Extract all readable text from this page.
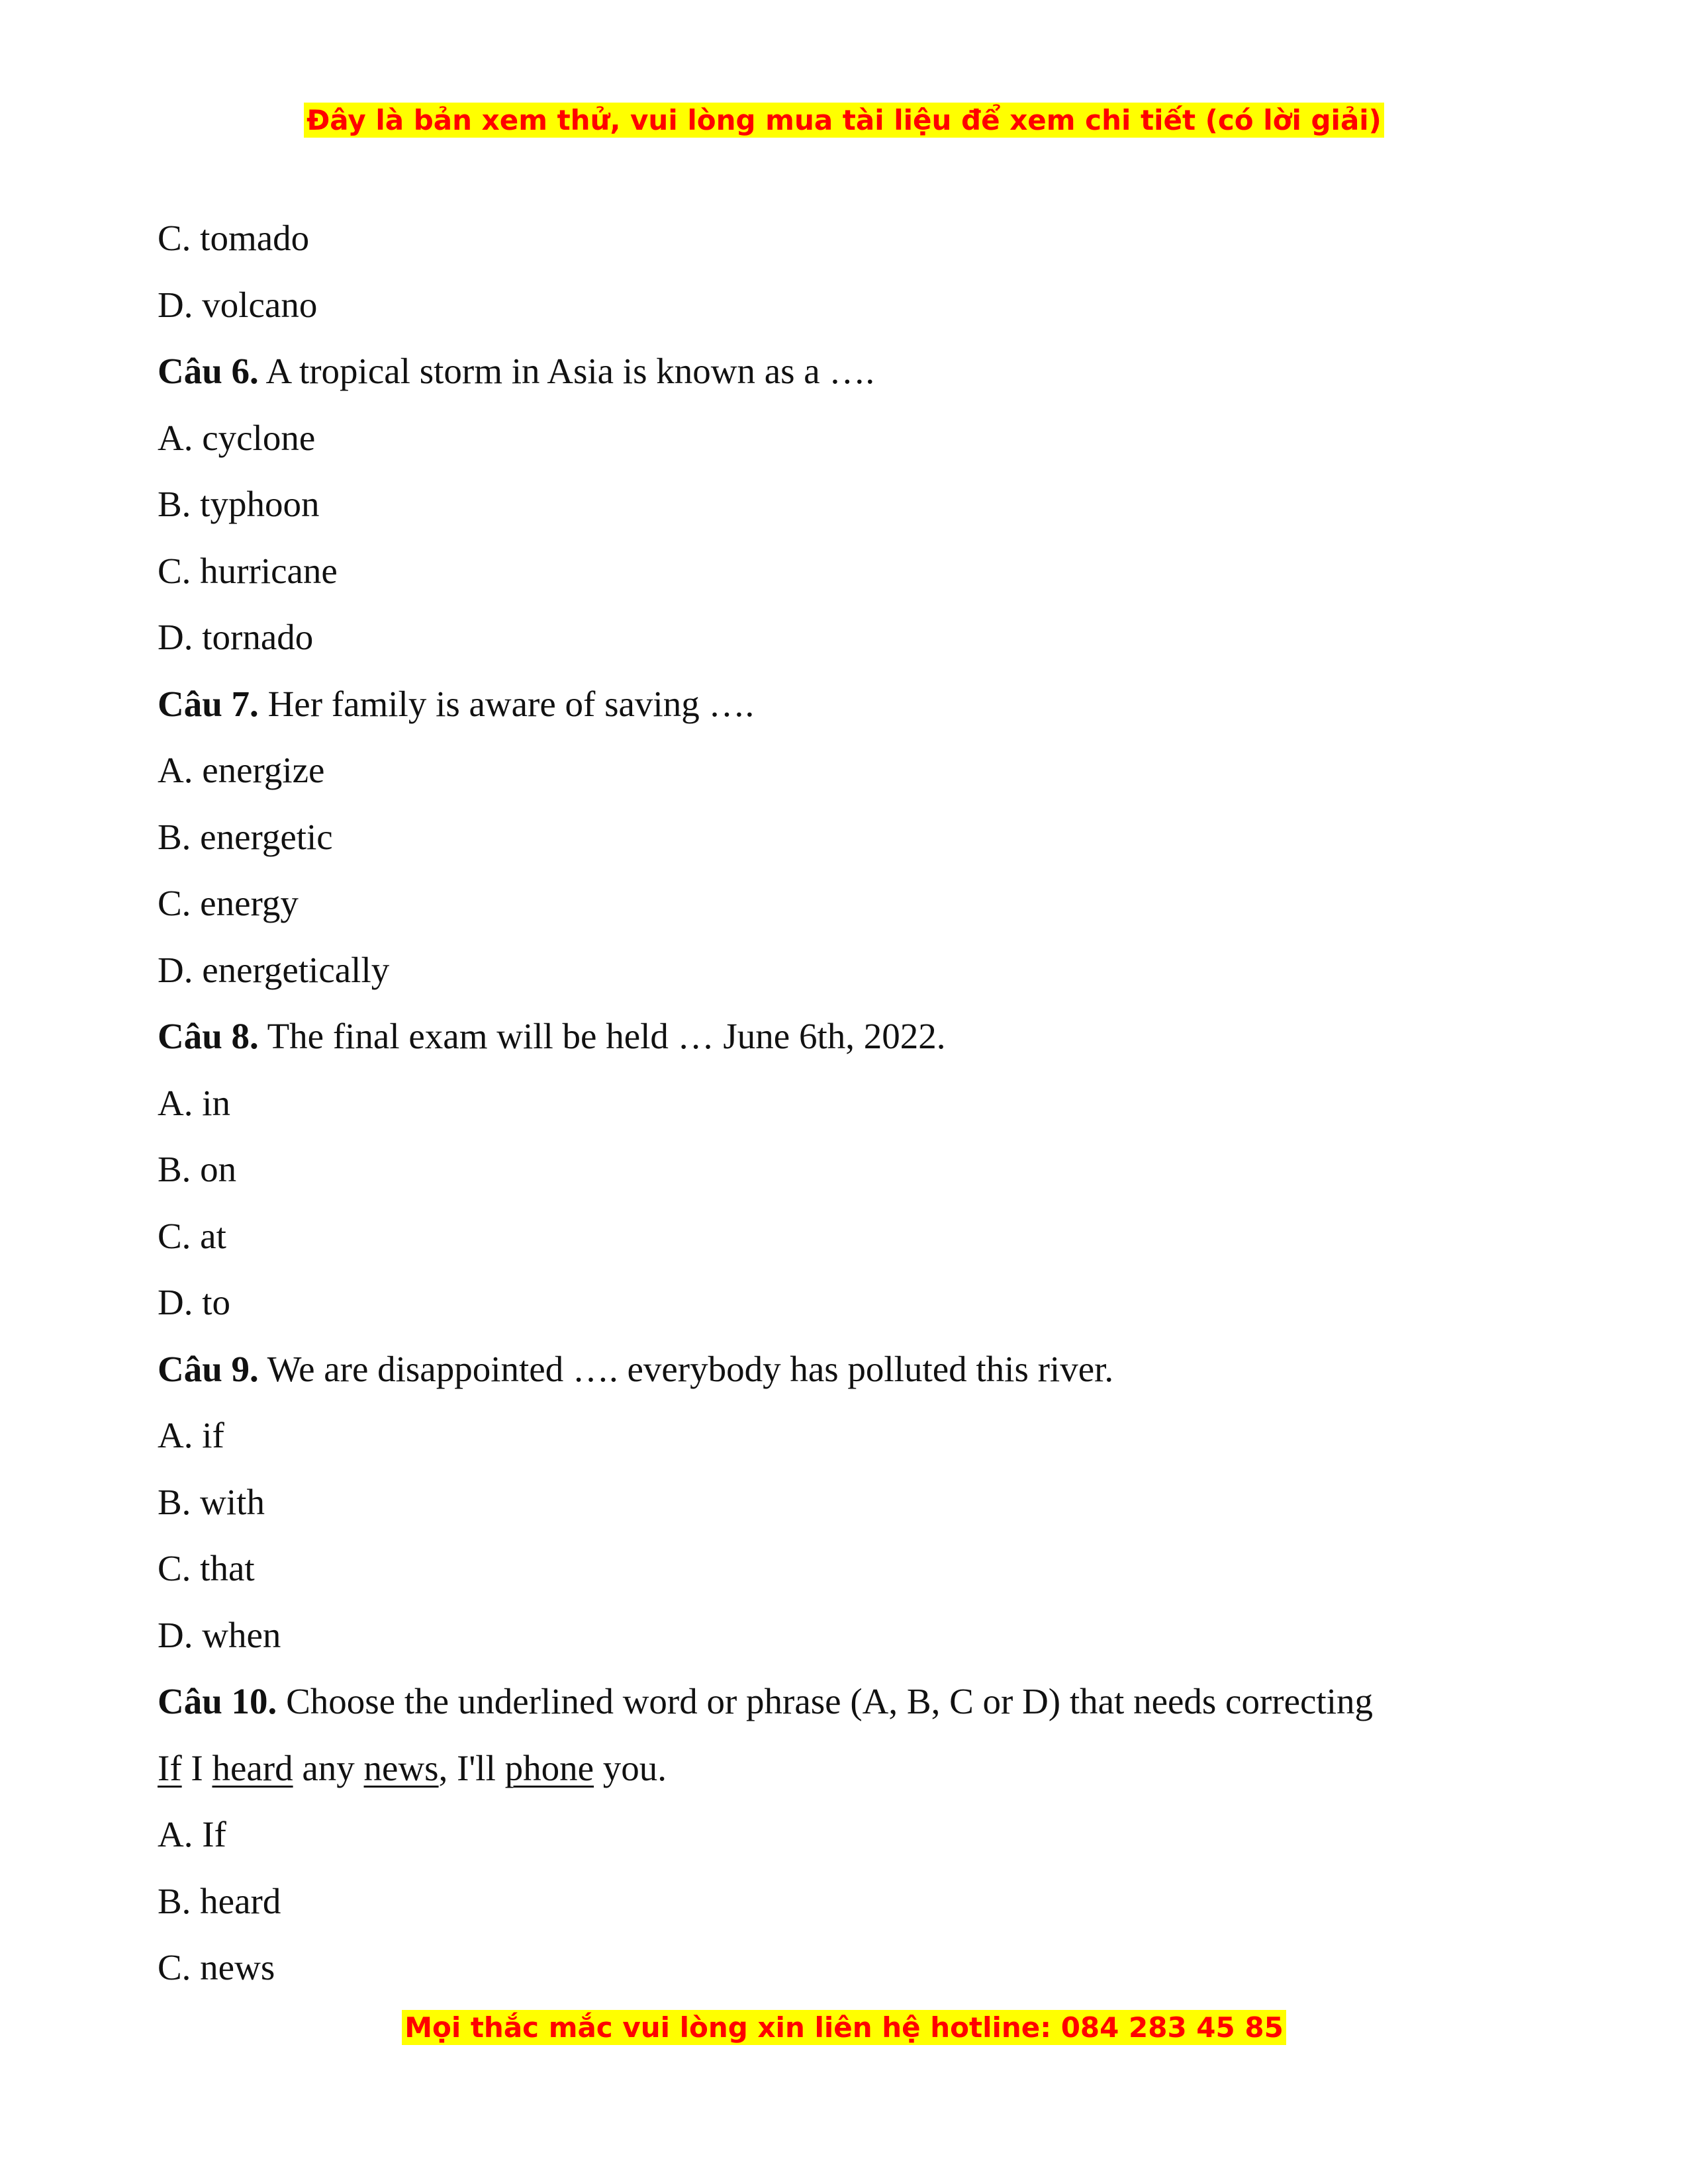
Đây là bản xem thử, vui lòng mua tài liệu để xem chi tiết (có lời giải)
C. tomado
D. volcano
Câu 6. A tropical storm in Asia is known as a ….
A. cyclone
B. typhoon
C. hurricane
D. tornado
Câu 7. Her family is aware of saving ….
A. energize
B. energetic
C. energy
D. energetically
Câu 8. The final exam will be held … June 6th, 2022.
A. in
B. on
C. at
D. to
Câu 9. We are disappointed …. everybody has polluted this river.
A. if
B. with
C. that
D. when
Câu 10. Choose the underlined word or phrase (A, B, C or D) that needs correcting
If I heard any news, I'll phone you.
A. If
B. heard
C. news
Mọi thắc mắc vui lòng xin liên hệ hotline: 084 283 45 85
